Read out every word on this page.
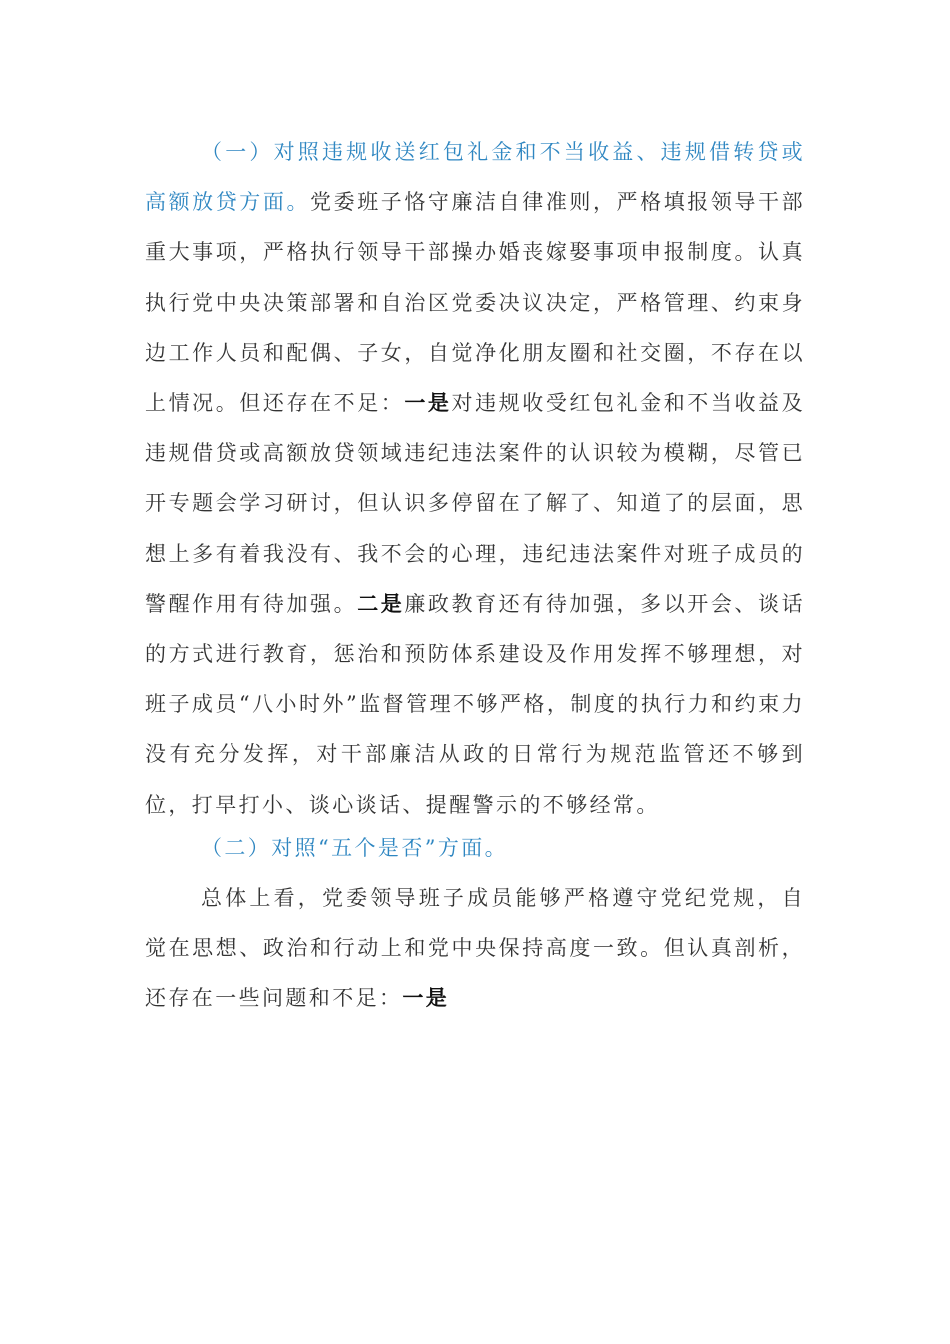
（一）对照违规收送红包礼金和不当收益、违规借转贷或高额放贷方面。党委班子恪守廉洁自律准则，严格填报领导干部重大事项，严格执行领导干部操办婚丧嫁娶事项申报制度。认真执行党中央决策部署和自治区党委决议决定，严格管理、约束身边工作人员和配偶、子女，自觉净化朋友圈和社交圈，不存在以上情况。但还存在不足：一是对违规收受红包礼金和不当收益及违规借贷或高额放贷领域违纪违法案件的认识较为模糊，尽管已开专题会学习研讨，但认识多停留在了解了、知道了的层面，思想上多有着我没有、我不会的心理，违纪违法案件对班子成员的警醒作用有待加强。二是廉政教育还有待加强，多以开会、谈话的方式进行教育，惩治和预防体系建设及作用发挥不够理想，对班子成员“八小时外”监督管理不够严格，制度的执行力和约束力没有充分发挥，对干部廉洁从政的日常行为规范监管还不够到位，打早打小、谈心谈话、提醒警示的不够经常。

（二）对照“五个是否”方面。

总体上看，党委领导班子成员能够严格遵守党纪党规，自觉在思想、政治和行动上和党中央保持高度一致。但认真剖析，还存在一些问题和不足：一是
